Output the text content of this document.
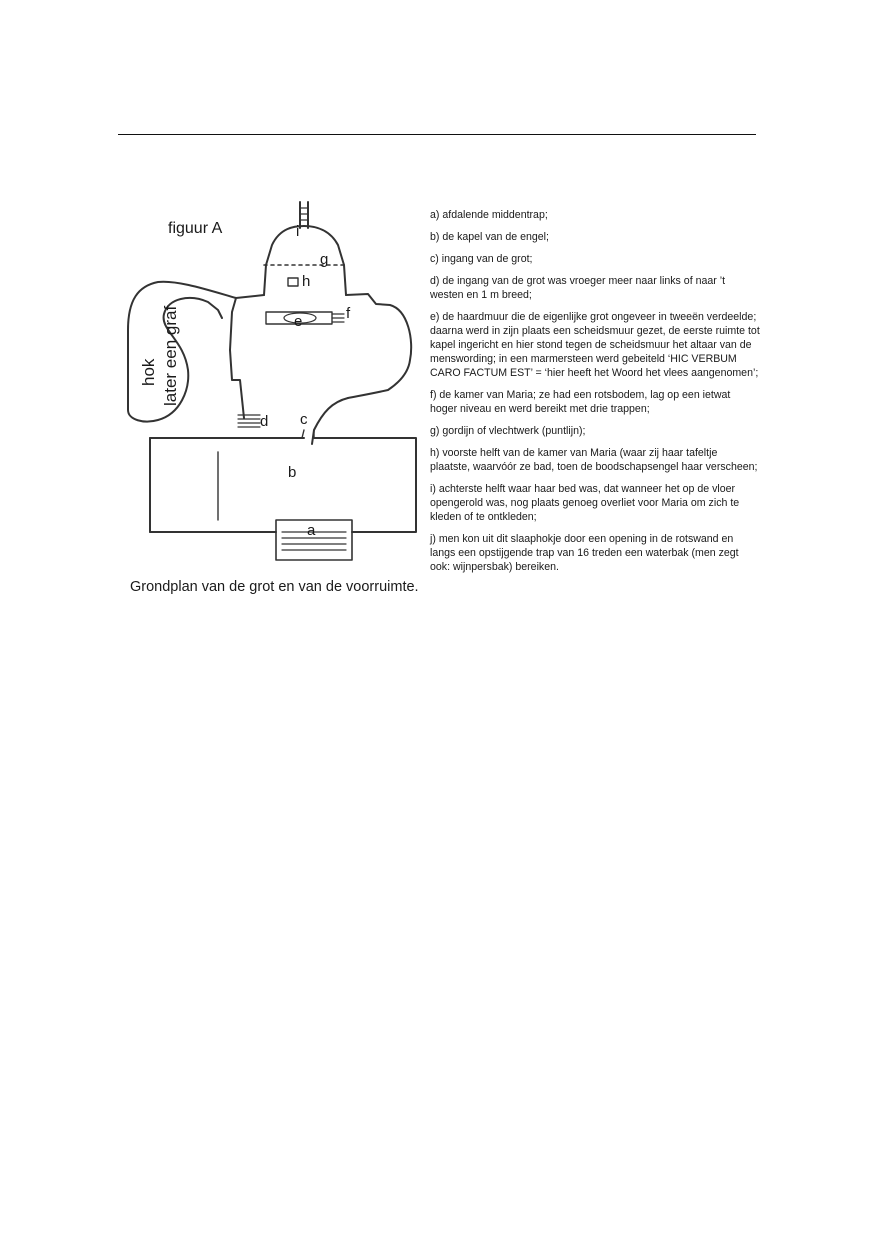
figuur A	i
g
h
e	f
d c
b
a
hok later een graf
Grondplan van de grot en van de voorruimte.

a) afdalende middentrap;

b) de kapel van de engel;

c) ingang van de grot;

d) de ingang van de grot was vroeger meer naar links of naar ’t westen en 1 m breed;

e) de haardmuur die de eigenlijke grot ongeveer in tweeën verdeelde; daarna werd in zijn plaats een scheidsmuur gezet, de eerste ruimte tot kapel ingericht en hier stond tegen de scheidsmuur het altaar van de menswording; in een marmersteen werd gebeiteld ‘HIC VERBUM CARO FACTUM EST’ = ‘hier heeft het Woord het vlees aangenomen’;

f) de kamer van Maria; ze had een rotsbodem, lag op een ietwat hoger niveau en werd bereikt met drie trappen;

g) gordijn of vlechtwerk (puntlijn);

h) voorste helft van de kamer van Maria (waar zij haar tafeltje plaatste, waarvóór ze bad, toen de boodschapsengel haar verscheen;

i) achterste helft waar haar bed was, dat wanneer het op de vloer opengerold was, nog plaats genoeg overliet voor Maria om zich te kleden of te ontkleden;

j) men kon uit dit slaaphokje door een opening in de rotswand en langs een opstijgende trap van 16 treden een waterbak (men zegt ook: wijnpersbak) bereiken.
